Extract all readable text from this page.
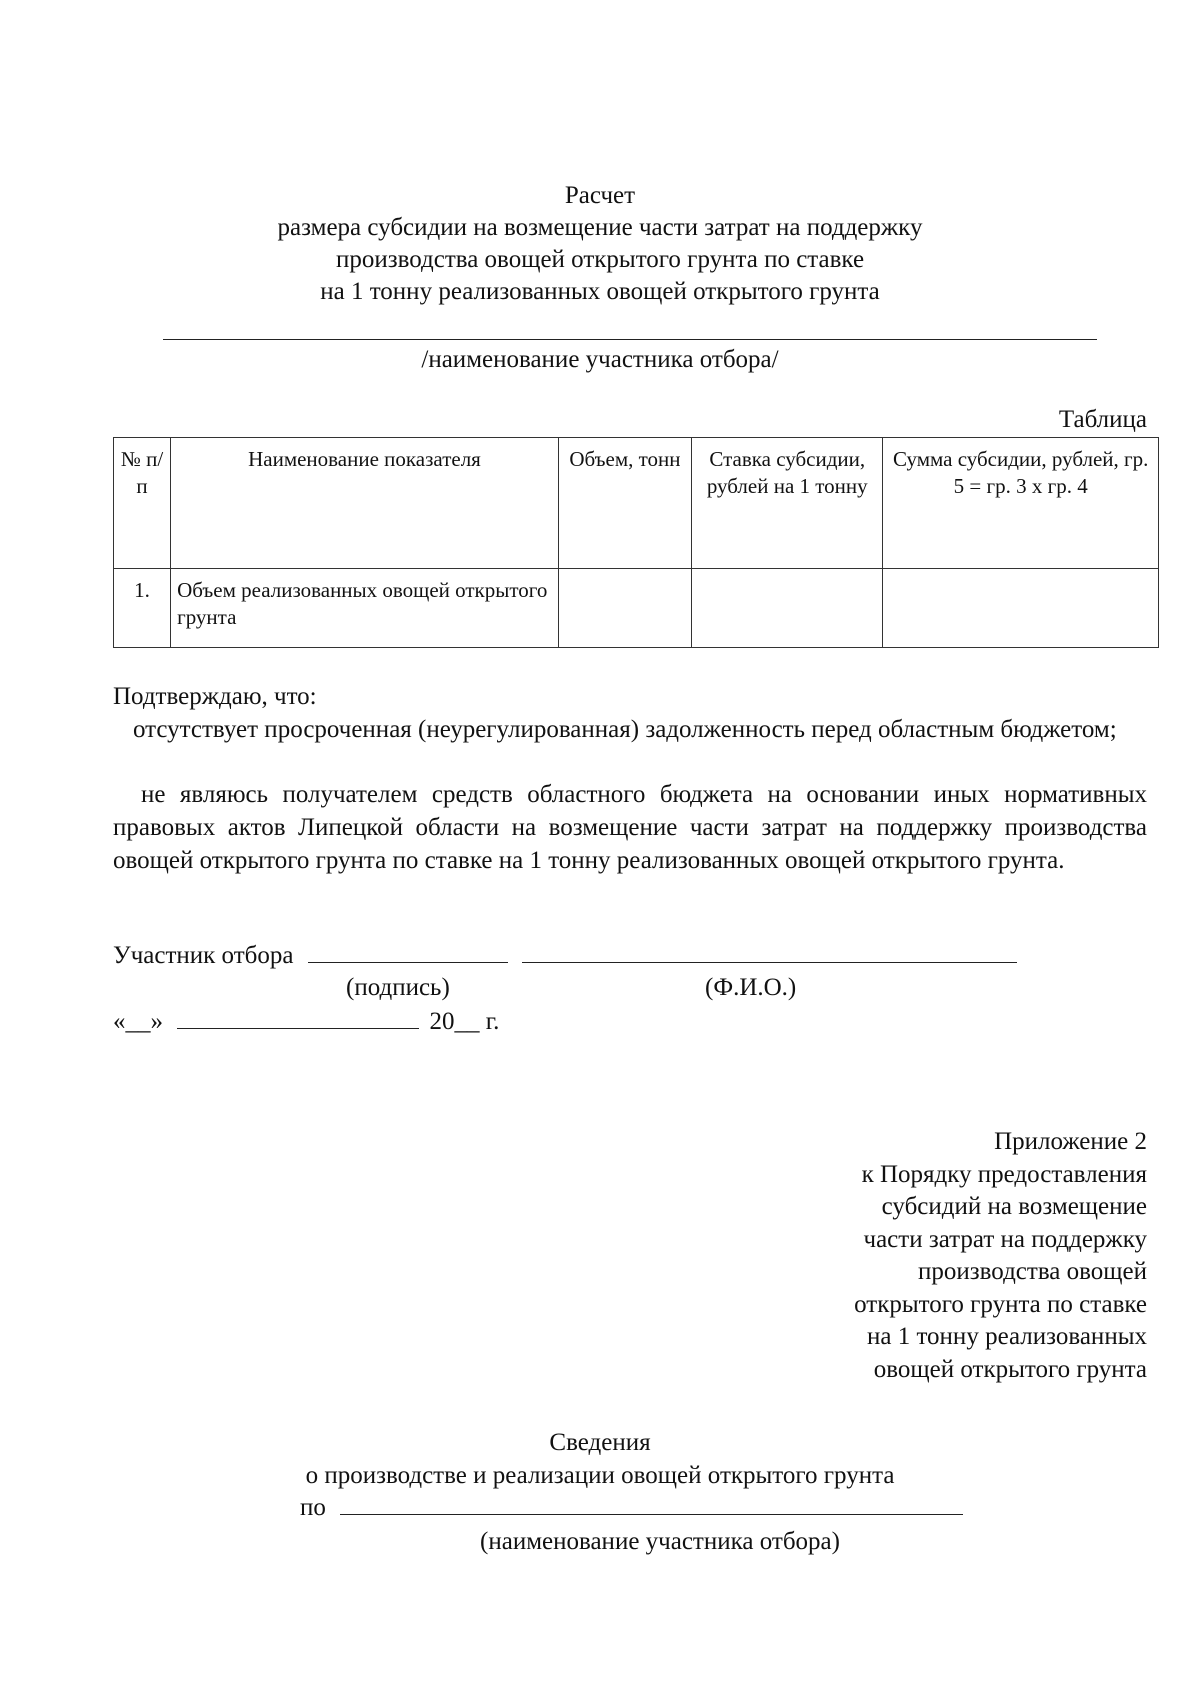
Расчет
размера субсидии на возмещение части затрат на поддержку
производства овощей открытого грунта по ставке
на 1 тонну реализованных овощей открытого грунта
/наименование участника отбора/
Таблица
№ п/п	Наименование показателя	Объем, тонн	Ставка субсидии, рублей на 1 тонну	Сумма субсидии, рублей, гр. 5 = гр. 3 x гр. 4
1.	Объем реализованных овощей открытого грунта			
Подтверждаю, что:
отсутствует просроченная (неурегулированная) задолженность перед областным бюджетом;
не являюсь получателем средств областного бюджета на основании иных нормативных правовых актов Липецкой области на возмещение части затрат на поддержку производства овощей открытого грунта по ставке на 1 тонну реализованных овощей открытого грунта.
Участник отбора
(подпись)	(Ф.И.О.)
«__»	20__ г.
Приложение 2
к Порядку предоставления
субсидий на возмещение
части затрат на поддержку
производства овощей
открытого грунта по ставке
на 1 тонну реализованных
овощей открытого грунта
Сведения
о производстве и реализации овощей открытого грунта
по
(наименование участника отбора)
